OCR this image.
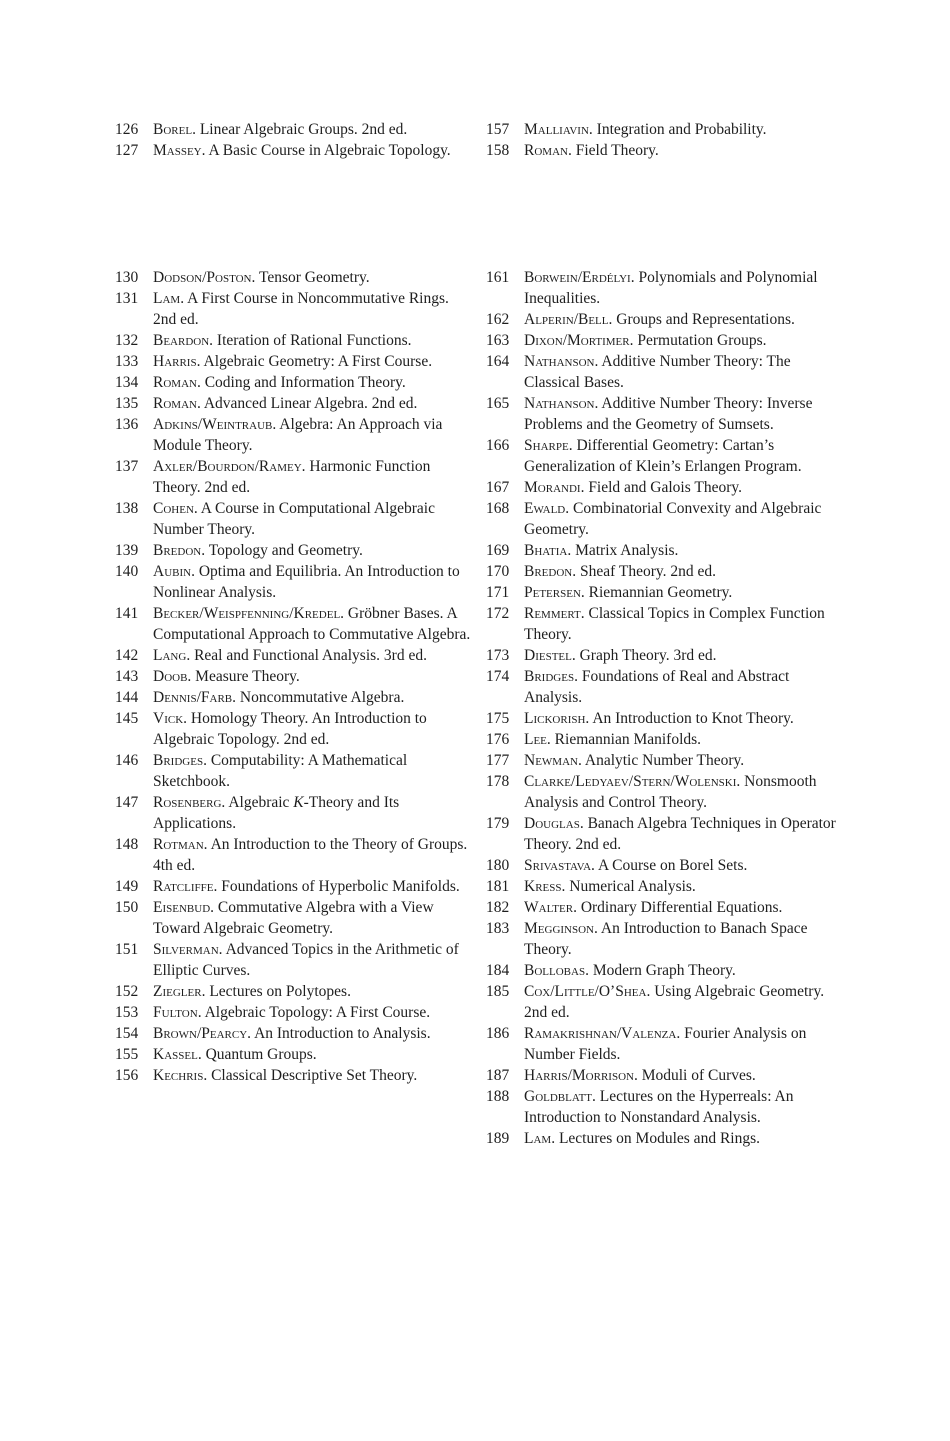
126 Borel. Linear Algebraic Groups. 2nd ed.
127 Massey. A Basic Course in Algebraic Topology.
157 Malliavin. Integration and Probability.
158 Roman. Field Theory.
130 Dodson/Poston. Tensor Geometry.
131 Lam. A First Course in Noncommutative Rings. 2nd ed.
132 Beardon. Iteration of Rational Functions.
133 Harris. Algebraic Geometry: A First Course.
134 Roman. Coding and Information Theory.
135 Roman. Advanced Linear Algebra. 2nd ed.
136 Adkins/Weintraub. Algebra: An Approach via Module Theory.
137 Axler/Bourdon/Ramey. Harmonic Function Theory. 2nd ed.
138 Cohen. A Course in Computational Algebraic Number Theory.
139 Bredon. Topology and Geometry.
140 Aubin. Optima and Equilibria. An Introduction to Nonlinear Analysis.
141 Becker/Weispfenning/Kredel. Gröbner Bases. A Computational Approach to Commutative Algebra.
142 Lang. Real and Functional Analysis. 3rd ed.
143 Doob. Measure Theory.
144 Dennis/Farb. Noncommutative Algebra.
145 Vick. Homology Theory. An Introduction to Algebraic Topology. 2nd ed.
146 Bridges. Computability: A Mathematical Sketchbook.
147 Rosenberg. Algebraic K-Theory and Its Applications.
148 Rotman. An Introduction to the Theory of Groups. 4th ed.
149 Ratcliffe. Foundations of Hyperbolic Manifolds.
150 Eisenbud. Commutative Algebra with a View Toward Algebraic Geometry.
151 Silverman. Advanced Topics in the Arithmetic of Elliptic Curves.
152 Ziegler. Lectures on Polytopes.
153 Fulton. Algebraic Topology: A First Course.
154 Brown/Pearcy. An Introduction to Analysis.
155 Kassel. Quantum Groups.
156 Kechris. Classical Descriptive Set Theory.
161 Borwein/Erdélyi. Polynomials and Polynomial Inequalities.
162 Alperin/Bell. Groups and Representations.
163 Dixon/Mortimer. Permutation Groups.
164 Nathanson. Additive Number Theory: The Classical Bases.
165 Nathanson. Additive Number Theory: Inverse Problems and the Geometry of Sumsets.
166 Sharpe. Differential Geometry: Cartan’s Generalization of Klein’s Erlangen Program.
167 Morandi. Field and Galois Theory.
168 Ewald. Combinatorial Convexity and Algebraic Geometry.
169 Bhatia. Matrix Analysis.
170 Bredon. Sheaf Theory. 2nd ed.
171 Petersen. Riemannian Geometry.
172 Remmert. Classical Topics in Complex Function Theory.
173 Diestel. Graph Theory. 3rd ed.
174 Bridges. Foundations of Real and Abstract Analysis.
175 Lickorish. An Introduction to Knot Theory.
176 Lee. Riemannian Manifolds.
177 Newman. Analytic Number Theory.
178 Clarke/Ledyaev/Stern/Wolenski. Nonsmooth Analysis and Control Theory.
179 Douglas. Banach Algebra Techniques in Operator Theory. 2nd ed.
180 Srivastava. A Course on Borel Sets.
181 Kress. Numerical Analysis.
182 Walter. Ordinary Differential Equations.
183 Megginson. An Introduction to Banach Space Theory.
184 Bollobas. Modern Graph Theory.
185 Cox/Little/O’Shea. Using Algebraic Geometry. 2nd ed.
186 Ramakrishnan/Valenza. Fourier Analysis on Number Fields.
187 Harris/Morrison. Moduli of Curves.
188 Goldblatt. Lectures on the Hyperreals: An Introduction to Nonstandard Analysis.
189 Lam. Lectures on Modules and Rings.
